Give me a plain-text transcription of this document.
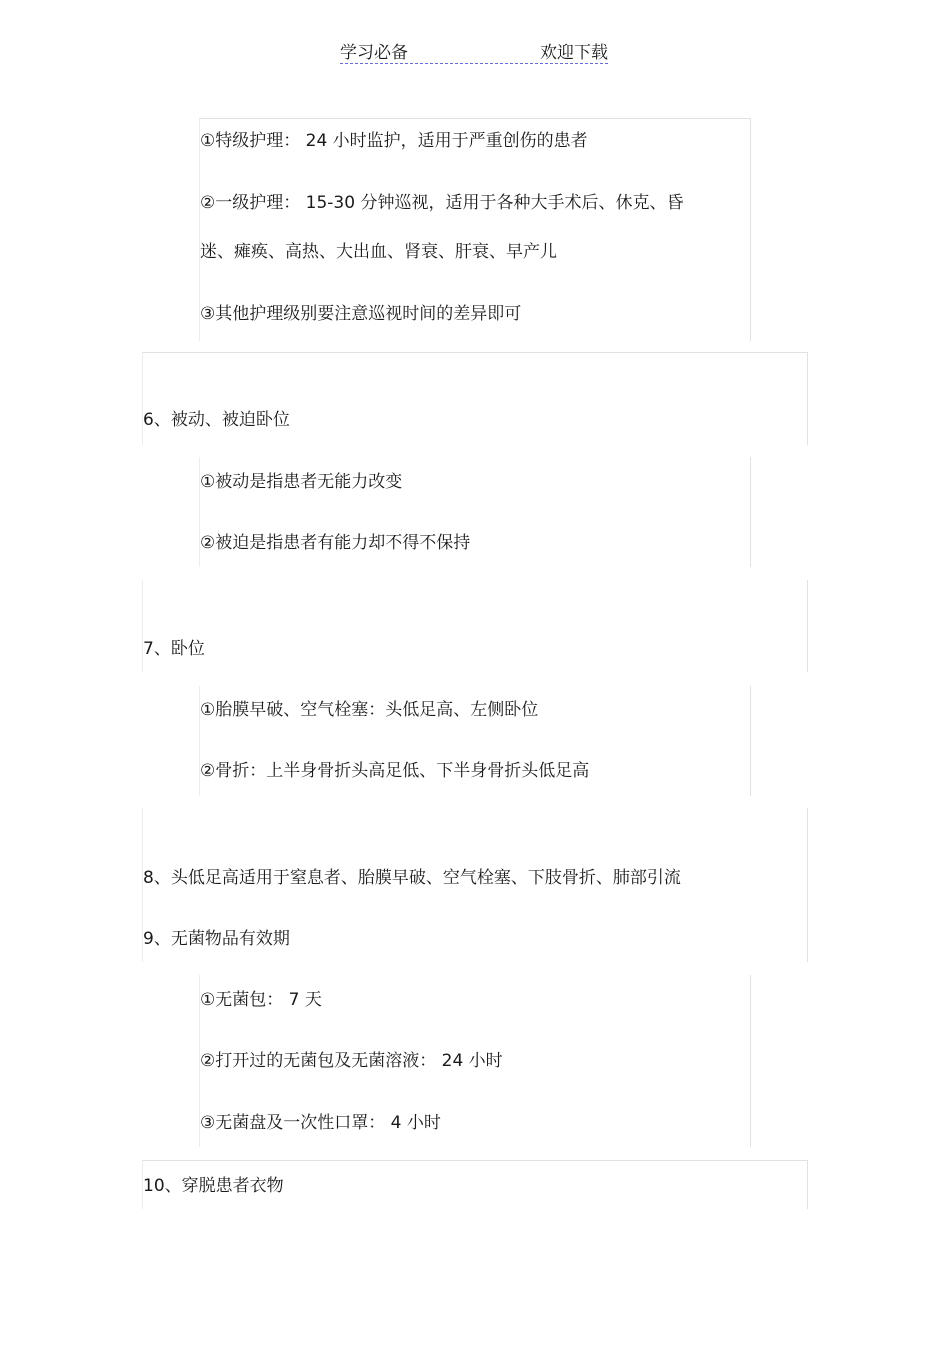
学习必备	欢迎下载
①特级护理： 24 小时监护，适用于严重创伤的患者
②一级护理： 15-30 分钟巡视，适用于各种大手术后、休克、昏
迷、瘫痪、高热、大出血、肾衰、肝衰、早产儿
③其他护理级别要注意巡视时间的差异即可
6、被动、被迫卧位
①被动是指患者无能力改变
②被迫是指患者有能力却不得不保持
7、卧位
①胎膜早破、空气栓塞：头低足高、左侧卧位
②骨折：上半身骨折头高足低、下半身骨折头低足高
8、头低足高适用于窒息者、胎膜早破、空气栓塞、下肢骨折、肺部引流
9、无菌物品有效期
①无菌包： 7 天
②打开过的无菌包及无菌溶液： 24 小时
③无菌盘及一次性口罩： 4 小时
10、穿脱患者衣物
